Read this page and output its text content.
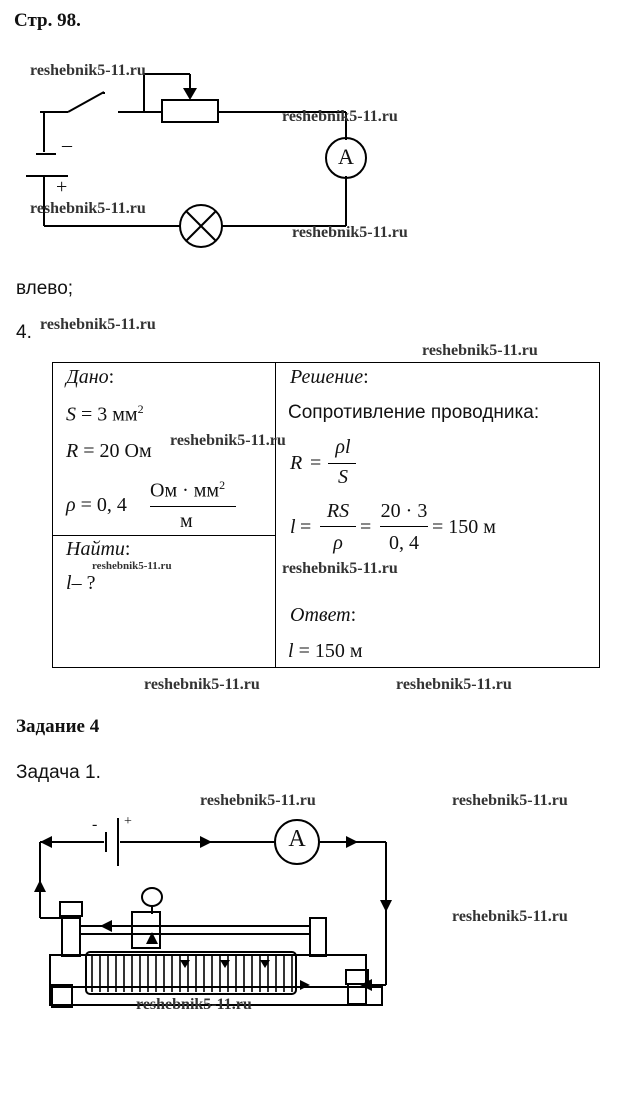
Стр. 98.
–
+
A
reshebnik5-11.ru
reshebnik5-11.ru
reshebnik5-11.ru
reshebnik5-11.ru
влево;
4. reshebnik5-11.ru
reshebnik5-11.ru
Дано:
S = 3 $мм^2$
R = 20 Ом
ρ = 0, 4
Ом · $мм^2$
м
Найти:
l– ?
reshebnik5-11.ru
Решение:
Сопротивление проводника:
reshebnik5-11.ru
R =
ρl
S
l =
RS
ρ
=
20 · 3
0, 4
= 150 м
reshebnik5-11.ru
Ответ:
l = 150 м
reshebnik5-11.ru	reshebnik5-11.ru
Задание 4
Задача 1.
reshebnik5-11.ru	reshebnik5-11.ru
reshebnik5-11.ru
- +
A
reshebnik5-11.ru
